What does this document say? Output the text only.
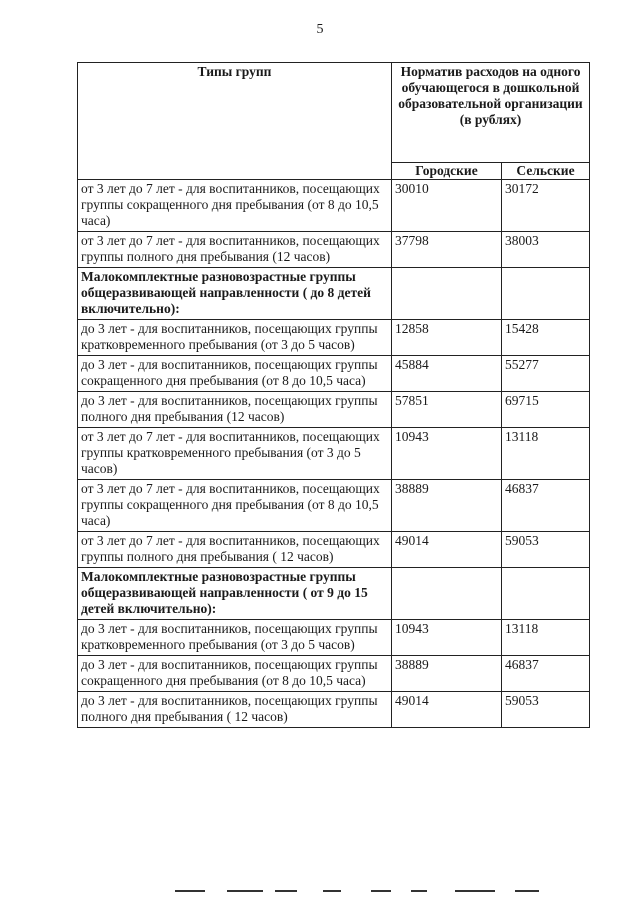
5
Типы групп	Норматив расходов на одного обучающегося в дошкольной образовательной организации (в рублях)	
	Городские	Сельские
от 3 лет до 7 лет - для воспитанников, посещающих группы сокращенного дня пребывания (от 8 до 10,5 часа)	30010	30172
от 3 лет до 7 лет - для воспитанников, посещающих группы полного дня пребывания (12 часов)	37798	38003
Малокомплектные разновозрастные группы общеразвивающей направленности ( до 8 детей включительно):		
до 3 лет - для воспитанников, посещающих группы кратковременного пребывания (от 3 до 5 часов)	12858	15428
до 3 лет - для воспитанников, посещающих группы сокращенного дня пребывания (от 8 до 10,5 часа)	45884	55277
до 3 лет - для воспитанников, посещающих группы полного дня пребывания (12 часов)	57851	69715
от 3 лет до 7 лет - для воспитанников, посещающих группы кратковременного пребывания (от 3 до 5 часов)	10943	13118
от 3 лет до 7 лет - для воспитанников, посещающих группы сокращенного дня пребывания (от 8 до 10,5 часа)	38889	46837
от 3 лет до 7 лет - для воспитанников, посещающих группы полного дня пребывания ( 12 часов)	49014	59053
Малокомплектные разновозрастные группы общеразвивающей направленности ( от 9 до 15 детей включительно):		
до 3 лет - для воспитанников, посещающих группы кратковременного пребывания (от 3 до 5 часов)	10943	13118
до 3 лет - для воспитанников, посещающих группы сокращенного дня пребывания (от 8 до 10,5 часа)	38889	46837
до 3 лет - для воспитанников, посещающих группы полного дня пребывания ( 12 часов)	49014	59053
